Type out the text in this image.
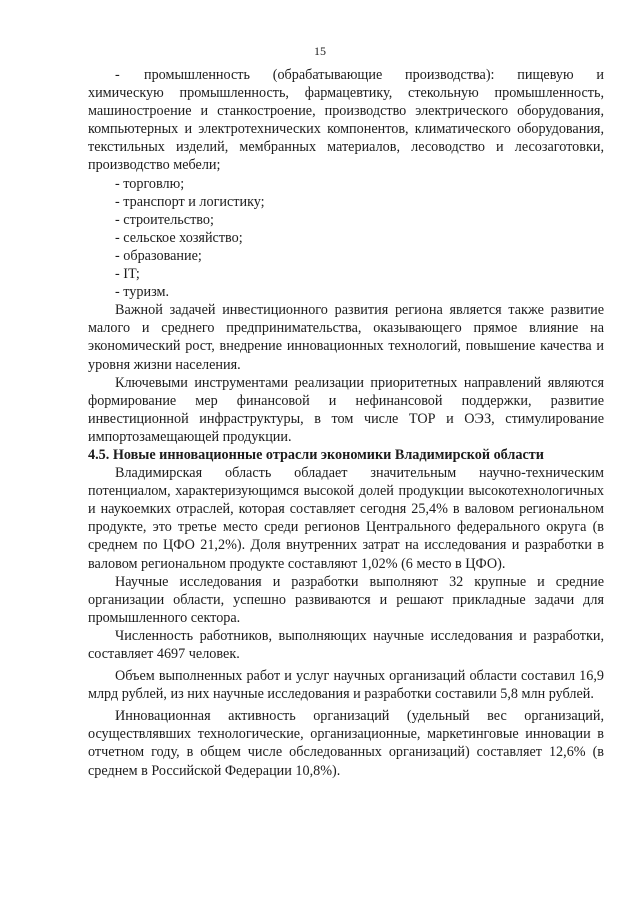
15

- промышленность (обрабатывающие производства): пищевую и химическую промышленность, фармацевтику, стекольную промышленность, машиностроение и станкостроение, производство электрического оборудования, компьютерных и электротехнических компонентов, климатического оборудования, текстильных изделий, мембранных материалов, лесоводство и лесозаготовки, производство мебели;

- торговлю;

- транспорт и логистику;

- строительство;

- сельское хозяйство;

- образование;

- IT;

- туризм.

Важной задачей инвестиционного развития региона является также развитие малого и среднего предпринимательства, оказывающего прямое влияние на экономический рост, внедрение инновационных технологий, повышение качества и уровня жизни населения.

Ключевыми инструментами реализации приоритетных направлений являются формирование мер финансовой и нефинансовой поддержки, развитие инвестиционной инфраструктуры, в том числе ТОР и ОЭЗ, стимулирование импортозамещающей продукции.

4.5. Новые инновационные отрасли экономики Владимирской области

Владимирская область обладает значительным научно-техническим потенциалом, характеризующимся высокой долей продукции высокотехнологичных и наукоемких отраслей, которая составляет сегодня 25,4% в валовом региональном продукте, это третье место среди регионов Центрального федерального округа (в среднем по ЦФО 21,2%). Доля внутренних затрат на исследования и разработки в валовом региональном продукте составляют 1,02% (6 место в ЦФО).

Научные исследования и разработки выполняют 32 крупные и средние организации области, успешно развиваются и решают прикладные задачи для промышленного сектора.

Численность работников, выполняющих научные исследования и разработки, составляет 4697 человек.

Объем выполненных работ и услуг научных организаций области составил 16,9 млрд рублей, из них научные исследования и разработки составили 5,8 млн рублей.

Инновационная активность организаций (удельный вес организаций, осуществлявших технологические, организационные, маркетинговые инновации в отчетном году, в общем числе обследованных организаций) составляет 12,6% (в среднем в Российской Федерации 10,8%).
